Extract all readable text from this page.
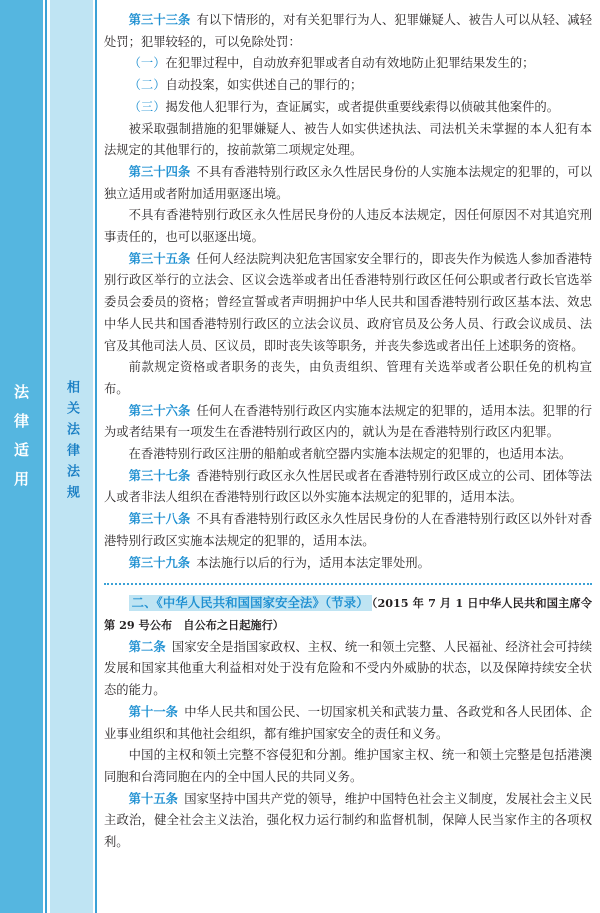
法律适用	相关法律法规

第三十三条 有以下情形的，对有关犯罪行为人、犯罪嫌疑人、被告人可以从轻、减轻处罚；犯罪较轻的，可以免除处罚：

（一）在犯罪过程中，自动放弃犯罪或者自动有效地防止犯罪结果发生的；

（二）自动投案，如实供述自己的罪行的；

（三）揭发他人犯罪行为，查证属实，或者提供重要线索得以侦破其他案件的。

被采取强制措施的犯罪嫌疑人、被告人如实供述执法、司法机关未掌握的本人犯有本法规定的其他罪行的，按前款第二项规定处理。

第三十四条 不具有香港特别行政区永久性居民身份的人实施本法规定的犯罪的，可以独立适用或者附加适用驱逐出境。

不具有香港特别行政区永久性居民身份的人违反本法规定，因任何原因不对其追究刑事责任的，也可以驱逐出境。

第三十五条 任何人经法院判决犯危害国家安全罪行的，即丧失作为候选人参加香港特别行政区举行的立法会、区议会选举或者出任香港特别行政区任何公职或者行政长官选举委员会委员的资格；曾经宣誓或者声明拥护中华人民共和国香港特别行政区基本法、效忠中华人民共和国香港特别行政区的立法会议员、政府官员及公务人员、行政会议成员、法官及其他司法人员、区议员，即时丧失该等职务，并丧失参选或者出任上述职务的资格。

前款规定资格或者职务的丧失，由负责组织、管理有关选举或者公职任免的机构宣布。

第三十六条 任何人在香港特别行政区内实施本法规定的犯罪的，适用本法。犯罪的行为或者结果有一项发生在香港特别行政区内的，就认为是在香港特别行政区内犯罪。

在香港特别行政区注册的船舶或者航空器内实施本法规定的犯罪的，也适用本法。

第三十七条 香港特别行政区永久性居民或者在香港特别行政区成立的公司、团体等法人或者非法人组织在香港特别行政区以外实施本法规定的犯罪的，适用本法。

第三十八条 不具有香港特别行政区永久性居民身份的人在香港特别行政区以外针对香港特别行政区实施本法规定的犯罪的，适用本法。

第三十九条 本法施行以后的行为，适用本法定罪处刑。

二、《中华人民共和国国家安全法》（节录） （2015 年 7 月 1 日中华人民共和国主席令第 29 号公布　自公布之日起施行）

第二条 国家安全是指国家政权、主权、统一和领土完整、人民福祉、经济社会可持续发展和国家其他重大利益相对处于没有危险和不受内外威胁的状态，以及保障持续安全状态的能力。

第十一条 中华人民共和国公民、一切国家机关和武装力量、各政党和各人民团体、企业事业组织和其他社会组织，都有维护国家安全的责任和义务。

中国的主权和领土完整不容侵犯和分割。维护国家主权、统一和领土完整是包括港澳同胞和台湾同胞在内的全中国人民的共同义务。

第十五条 国家坚持中国共产党的领导，维护中国特色社会主义制度，发展社会主义民主政治，健全社会主义法治，强化权力运行制约和监督机制，保障人民当家作主的各项权利。
